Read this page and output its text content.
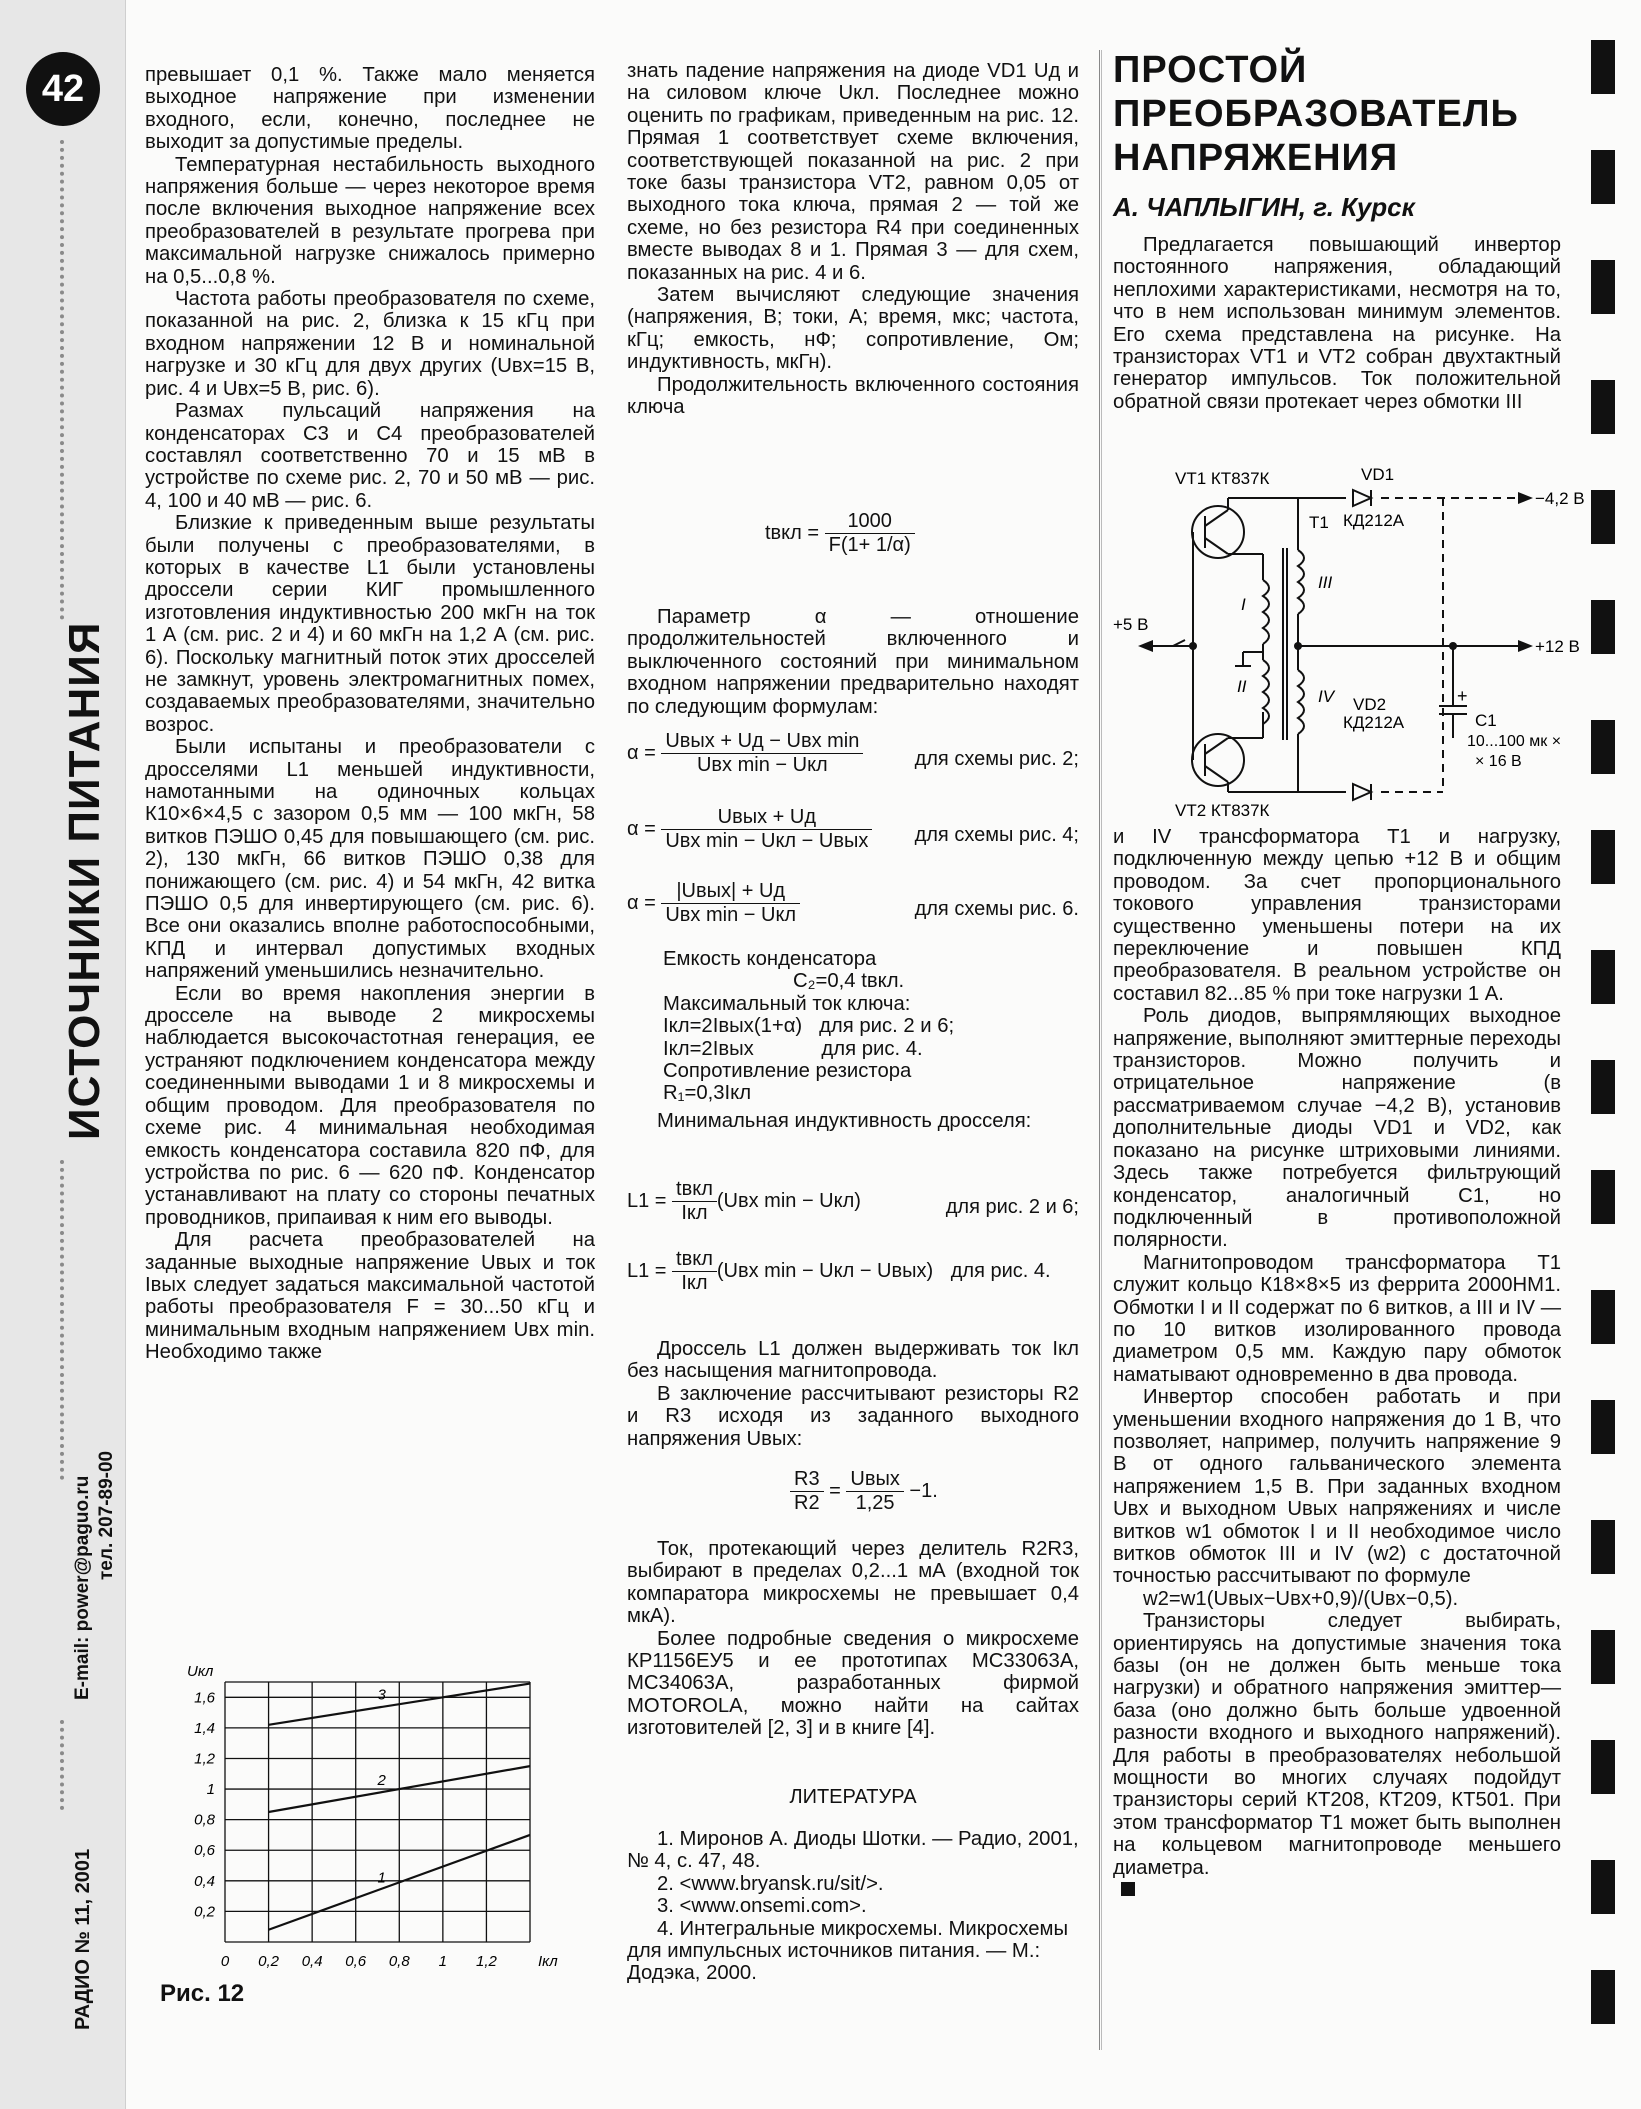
42
ИСТОЧНИКИ ПИТАНИЯ
E-mail: power@paguo.ru тел. 207-89-00
РАДИО № 11, 2001

превышает 0,1 %. Также мало меняется выходное напряжение при изменении входного, если, конечно, последнее не выходит за допустимые пределы.

Температурная нестабильность выходного напряжения больше — через некоторое время после включения выходное напряжение всех преобразователей в результате прогрева при максимальной нагрузке снижалось примерно на 0,5...0,8 %.

Частота работы преобразователя по схеме, показанной на рис. 2, близка к 15 кГц при входном напряжении 12 В и номинальной нагрузке и 30 кГц для двух других (Uвх=15 В, рис. 4 и Uвх=5 В, рис. 6).

Размах пульсаций напряжения на конденсаторах С3 и С4 преобразователей составлял соответственно 70 и 15 мВ в устройстве по схеме рис. 2, 70 и 50 мВ — рис. 4, 100 и 40 мВ — рис. 6.

Близкие к приведенным выше результаты были получены с преобразователями, в которых в качестве L1 были установлены дроссели серии КИГ промышленного изготовления индуктивностью 200 мкГн на ток 1 А (см. рис. 2 и 4) и 60 мкГн на 1,2 А (см. рис. 6). Поскольку магнитный поток этих дросселей не замкнут, уровень электромагнитных помех, создаваемых преобразователями, значительно возрос.

Были испытаны и преобразователи с дросселями L1 меньшей индуктивности, намотанными на одиночных кольцах К10×6×4,5 с зазором 0,5 мм — 100 мкГн, 58 витков ПЭШО 0,45 для повышающего (см. рис. 2), 130 мкГн, 66 витков ПЭШО 0,38 для понижающего (см. рис. 4) и 54 мкГн, 42 витка ПЭШО 0,5 для инвертирующего (см. рис. 6). Все они оказались вполне работоспособными, КПД и интервал допустимых входных напряжений уменьшились незначительно.

Если во время накопления энергии в дросселе на выводе 2 микросхемы наблюдается высокочастотная генерация, ее устраняют подключением конденсатора между соединенными выводами 1 и 8 микросхемы и общим проводом. Для преобразователя по схеме рис. 4 минимальная необходимая емкость конденсатора составила 820 пФ, для устройства по рис. 6 — 620 пФ. Конденсатор устанавливают на плату со стороны печатных проводников, припаивая к ним его выводы.

Для расчета преобразователей на заданные выходные напряжение Uвых и ток Iвых следует задаться максимальной частотой работы преобразователя F = 30...50 кГц и минимальным входным напряжением Uвх min. Необходимо также

0 0,2 0,4 0,6 0,8 1 1,2
0,2
0,4
0,6
0,8
1
1,2
1,4
1,6
Uкл
Iкл
1
2
3
Рис. 12

знать падение напряжения на диоде VD1 Uд и на силовом ключе Uкл. Последнее можно оценить по графикам, приведенным на рис. 12. Прямая 1 соответствует схеме включения, соответствующей показанной на рис. 2 при токе базы транзистора VT2, равном 0,05 от выходного тока ключа, прямая 2 — той же схеме, но без резистора R4 при соединенных вместе выводах 8 и 1. Прямая 3 — для схем, показанных на рис. 4 и 6.

Затем вычисляют следующие значения (напряжения, В; токи, А; время, мкс; частота, кГц; емкость, нФ; сопротивление, Ом; индуктивность, мкГн).

Продолжительность включенного состояния ключа

tвкл = $\frac{1000}{F(1+ 1/\alpha)}$

Параметр α — отношение продолжительностей включенного и выключенного состояний при минимальном входном напряжении предварительно находят по следующим формулам:

$\alpha = \frac{\text{Uвых + Uд − Uвх min}}{\text{Uвх min − Uкл}}$	для схемы рис. 2;
$\alpha = \frac{\text{Uвых + Uд}}{\text{Uвх min − Uкл − Uвых}}$ для схемы рис. 4;
$\alpha = \frac{\text{|Uвых| + Uд}}{\text{Uвх min − Uкл}}$	для схемы рис. 6.
Емкость конденсатора
C₂=0,4 tвкл.
Максимальный ток ключа:
Iкл=2Iвых(1+α)   для рис. 2 и 6;
Iкл=2Iвых            для рис. 4.
Сопротивление резистора
R₁=0,3Iкл

Минимальная индуктивность дросселя:

$L1 = \frac{\text{tвкл}}{\text{Iкл}} (Uвх$ min − Uкл)	для рис. 2 и 6;
$L1 = \frac{\text{tвкл}}{\text{Iкл}} (Uвх$ min − Uкл − Uвых) для рис. 4.

Дроссель L1 должен выдерживать ток Iкл без насыщения магнитопровода.

В заключение рассчитывают резисторы R2 и R3 исходя из заданного выходного напряжения Uвых:

$\frac{R3}{R2} = \frac{\text{Uвых}}{1,25} -1$.

Ток, протекающий через делитель R2R3, выбирают в пределах 0,2...1 мА (входной ток компаратора микросхемы не превышает 0,4 мкА).

Более подробные сведения о микросхеме КР1156ЕУ5 и ее прототипах МС33063А, МС34063А, разработанных фирмой MOTOROLA, можно найти на сайтах изготовителей [2, 3] и в книге [4].

ЛИТЕРАТУРА
1. Миронов А. Диоды Шотки. — Радио, 2001, № 4, с. 47, 48.
2. <www.bryansk.ru/sit/>.
3. <www.onsemi.com>.
4. Интегральные микросхемы. Микросхемы для импульсных источников питания. — М.: Додэка, 2000.
ПРОСТОЙ ПРЕОБРАЗОВАТЕЛЬ НАПРЯЖЕНИЯ
А. ЧАПЛЫГИН, г. Курск

Предлагается повышающий инвертор постоянного напряжения, обладающий неплохими характеристиками, несмотря на то, что в нем использован минимум элементов. Его схема представлена на рисунке. На транзисторах VT1 и VT2 собран двухтактный генератор импульсов. Ток положительной обратной связи протекает через обмотки III

VT1 КТ837К
VT2 КТ837К
T1
VD1
КД212А
VD2
КД212А
−4,2 В
+12 В
+5 В
C1
10...100 мк ×
× 16 В
+
I
II
III
IV

и IV трансформатора Т1 и нагрузку, подключенную между цепью +12 В и общим проводом. За счет пропорционального токового управления транзисторами существенно уменьшены потери на их переключение и повышен КПД преобразователя. В реальном устройстве он составил 82...85 % при токе нагрузки 1 А.

Роль диодов, выпрямляющих выходное напряжение, выполняют эмиттерные переходы транзисторов. Можно получить и отрицательное напряжение (в рассматриваемом случае −4,2 В), установив дополнительные диоды VD1 и VD2, как показано на рисунке штриховыми линиями. Здесь также потребуется фильтрующий конденсатор, аналогичный С1, но подключенный в противоположной полярности.

Магнитопроводом трансформатора Т1 служит кольцо К18×8×5 из феррита 2000НМ1. Обмотки I и II содержат по 6 витков, а III и IV — по 10 витков изолированного провода диаметром 0,5 мм. Каждую пару обмоток наматывают одновременно в два провода.

Инвертор способен работать и при уменьшении входного напряжения до 1 В, что позволяет, например, получить напряжение 9 В от одного гальванического элемента напряжением 1,5 В. При заданных входном Uвх и выходном Uвых напряжениях и числе витков w1 обмоток I и II необходимое число витков обмоток III и IV (w2) с достаточной точностью рассчитывают по формуле

w2=w1(Uвых−Uвх+0,9)/(Uвх−0,5).

Транзисторы следует выбирать, ориентируясь на допустимые значения тока базы (он не должен быть меньше тока нагрузки) и обратного напряжения эмиттер—база (оно должно быть больше удвоенной разности входного и выходного напряжений). Для работы в преобразователях небольшой мощности во многих случаях подойдут транзисторы серий КТ208, КТ209, КТ501. При этом трансформатор Т1 может быть выполнен на кольцевом магнитопроводе меньшего диаметра.
